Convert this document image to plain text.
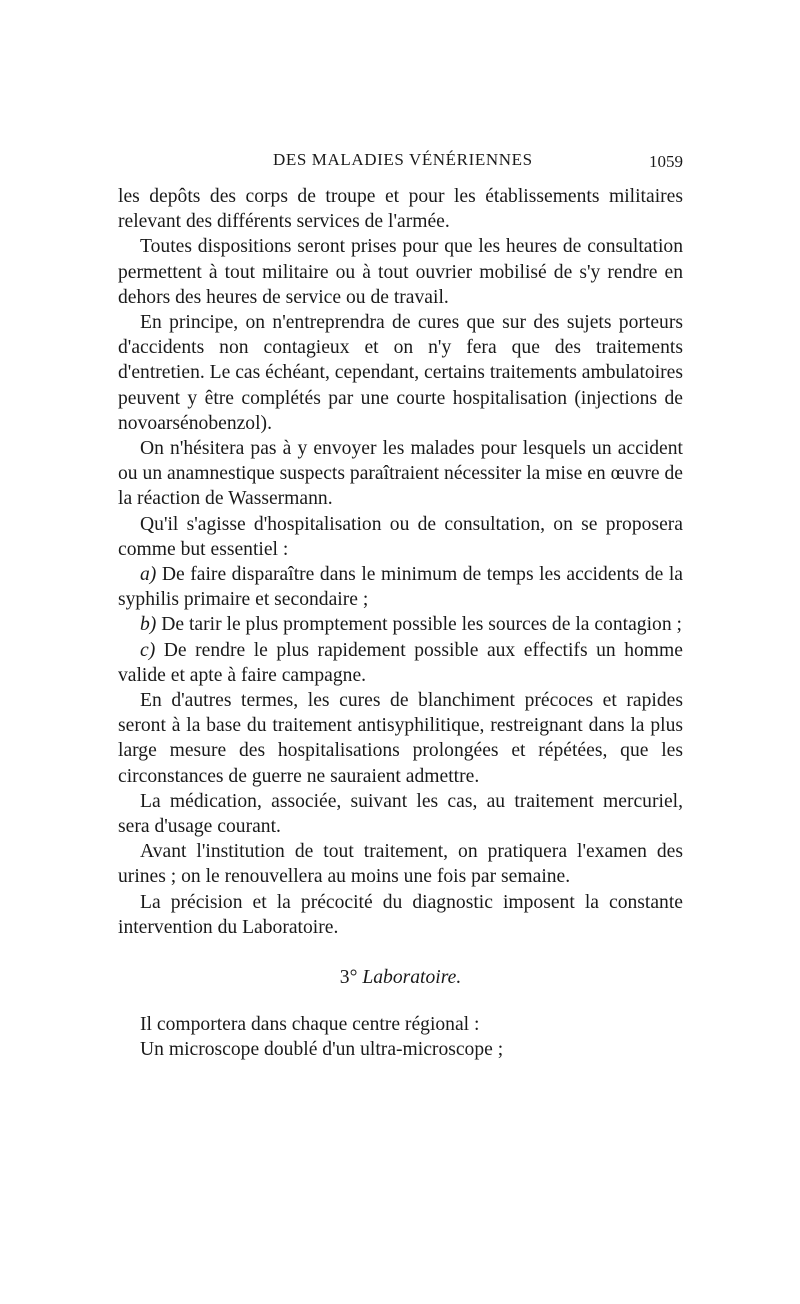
DES MALADIES VÉNÉRIENNES	1059

les depôts des corps de troupe et pour les établissements militaires relevant des différents services de l'armée.

Toutes dispositions seront prises pour que les heures de consultation permettent à tout militaire ou à tout ouvrier mobilisé de s'y rendre en dehors des heures de service ou de travail.

En principe, on n'entreprendra de cures que sur des sujets porteurs d'accidents non contagieux et on n'y fera que des traitements d'entretien. Le cas échéant, cependant, certains traitements ambulatoires peuvent y être complétés par une courte hospitalisation (injections de novoarsénobenzol).

On n'hésitera pas à y envoyer les malades pour lesquels un accident ou un anamnestique suspects paraîtraient nécessiter la mise en œuvre de la réaction de Wassermann.

Qu'il s'agisse d'hospitalisation ou de consultation, on se proposera comme but essentiel :

a) De faire disparaître dans le minimum de temps les accidents de la syphilis primaire et secondaire ;

b) De tarir le plus promptement possible les sources de la contagion ;

c) De rendre le plus rapidement possible aux effectifs un homme valide et apte à faire campagne.

En d'autres termes, les cures de blanchiment précoces et rapides seront à la base du traitement antisyphilitique, restreignant dans la plus large mesure des hospitalisations prolongées et répétées, que les circonstances de guerre ne sauraient admettre.

La médication, associée, suivant les cas, au traitement mercuriel, sera d'usage courant.

Avant l'institution de tout traitement, on pratiquera l'examen des urines ; on le renouvellera au moins une fois par semaine.

La précision et la précocité du diagnostic imposent la constante intervention du Laboratoire.

3° Laboratoire.

Il comportera dans chaque centre régional :

Un microscope doublé d'un ultra-microscope ;
